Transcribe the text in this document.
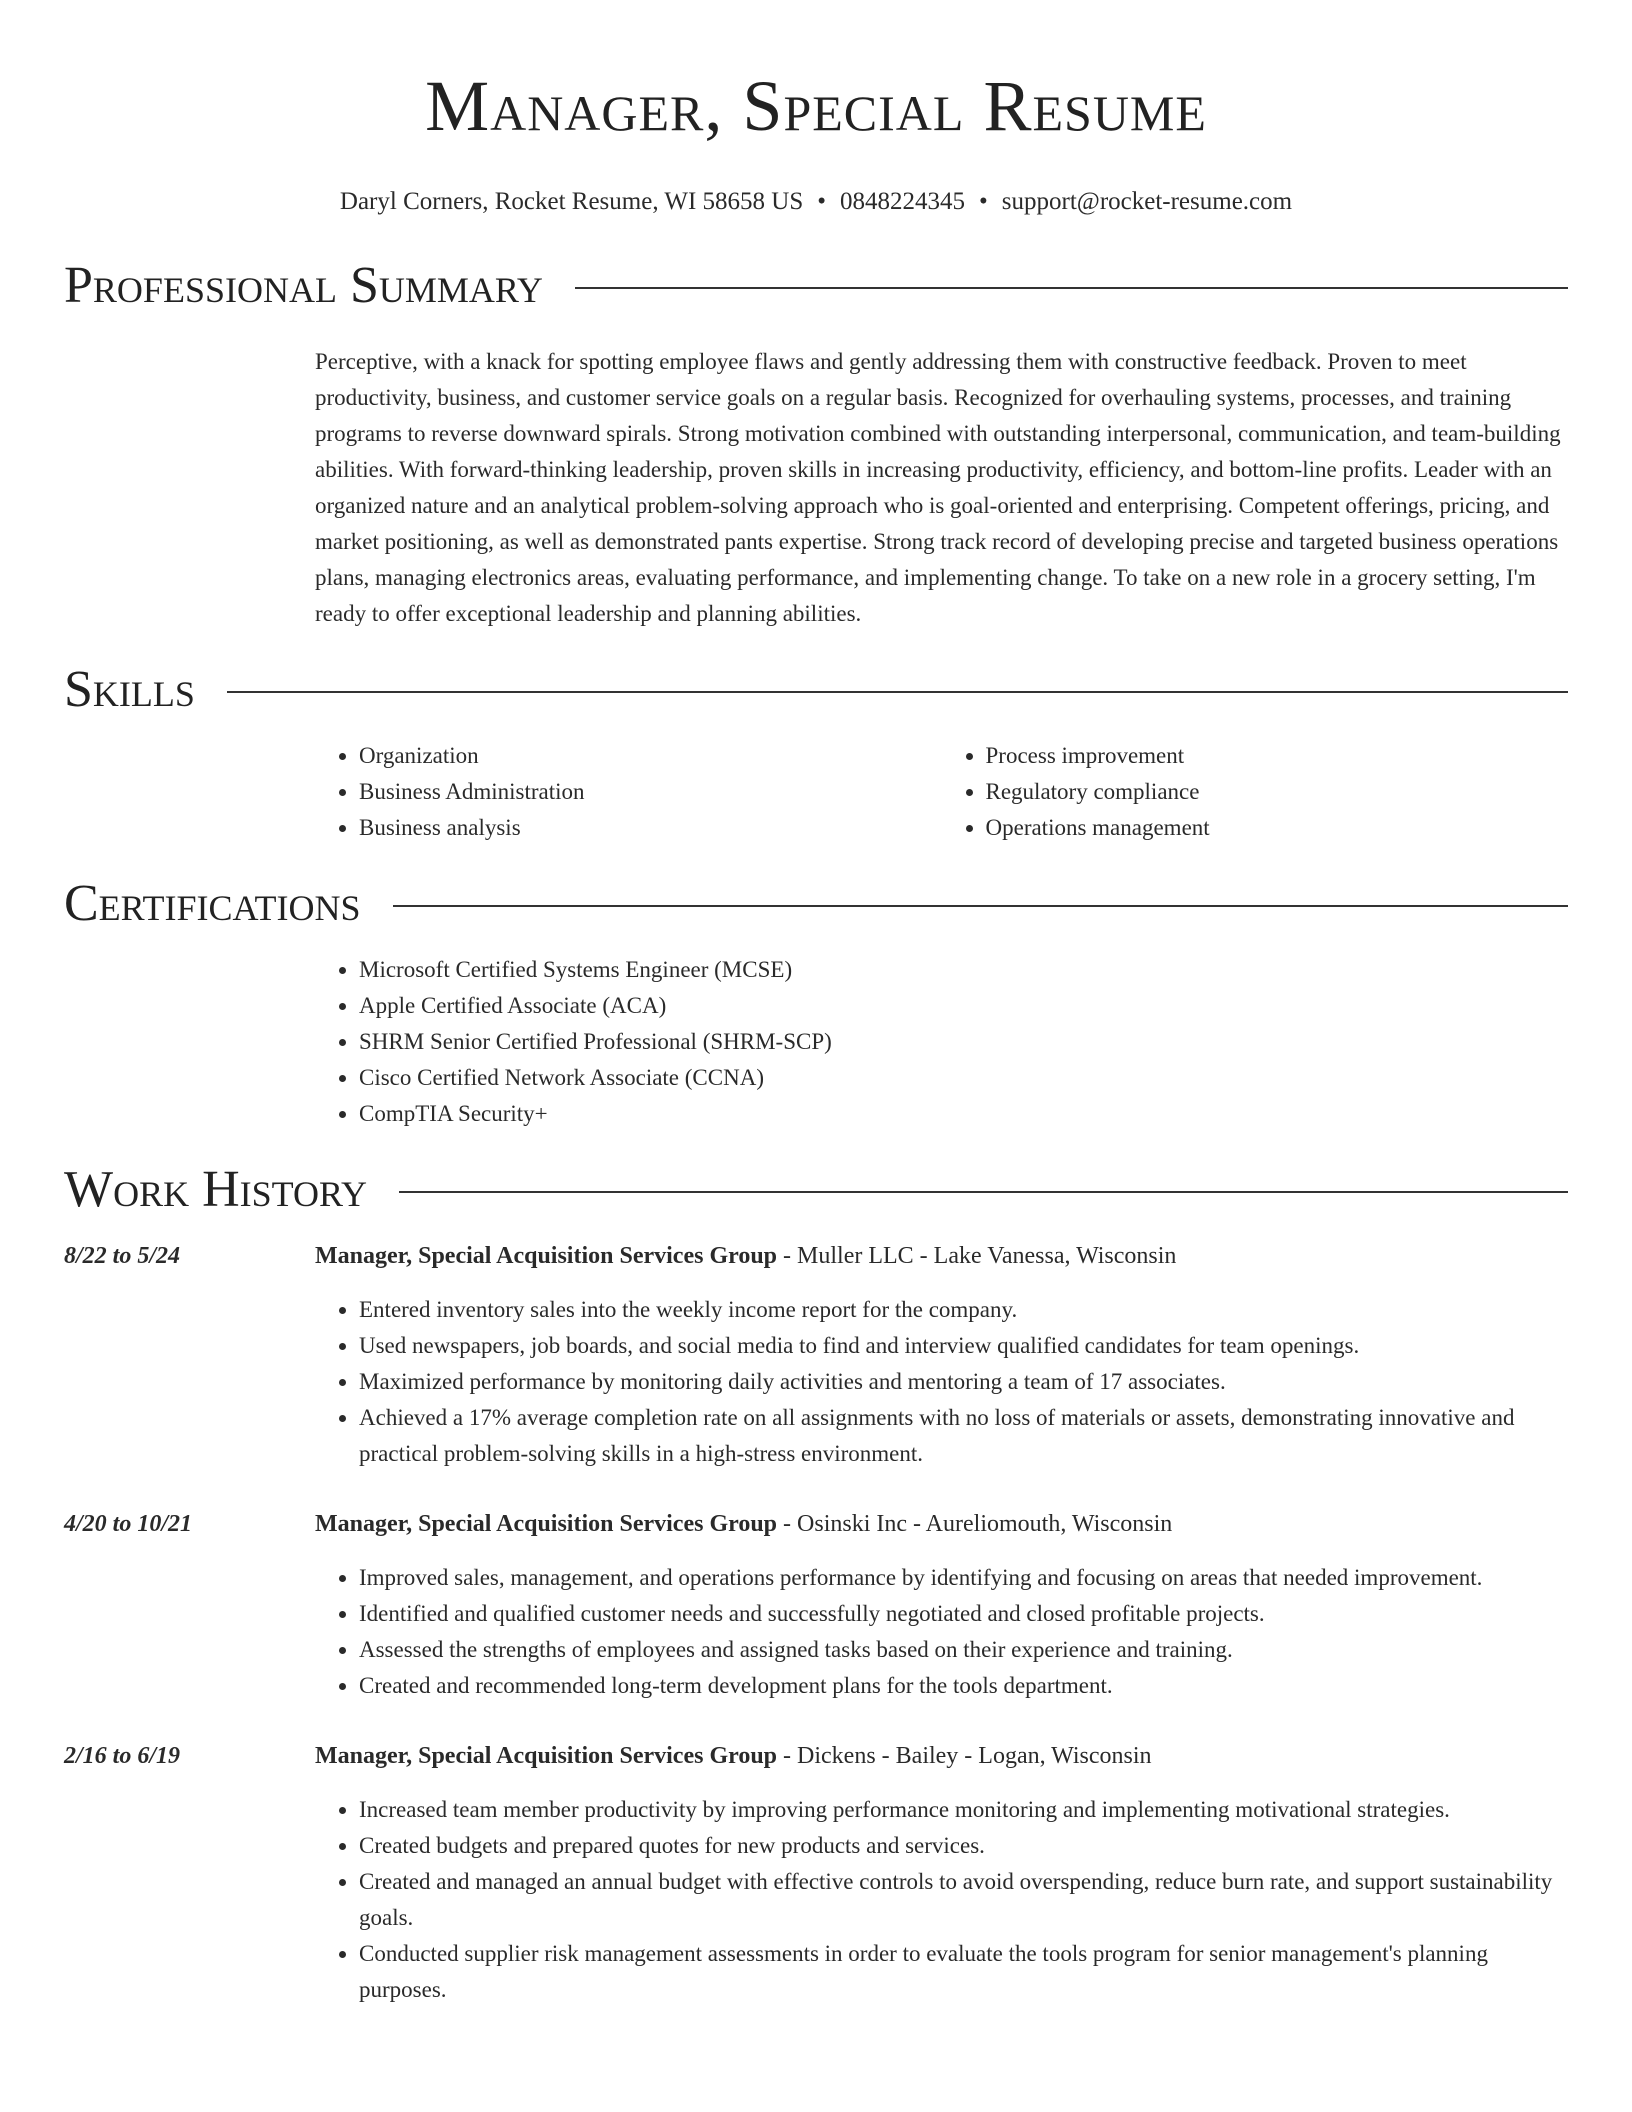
Manager, Special Resume
Daryl Corners, Rocket Resume, WI 58658 US • 0848224345 • support@rocket-resume.com
Professional Summary

Perceptive, with a knack for spotting employee flaws and gently addressing them with constructive feedback. Proven to meet productivity, business, and customer service goals on a regular basis. Recognized for overhauling systems, processes, and training programs to reverse downward spirals. Strong motivation combined with outstanding interpersonal, communication, and team-building abilities. With forward-thinking leadership, proven skills in increasing productivity, efficiency, and bottom-line profits. Leader with an organized nature and an analytical problem-solving approach who is goal-oriented and enterprising. Competent offerings, pricing, and market positioning, as well as demonstrated pants expertise. Strong track record of developing precise and targeted business operations plans, managing electronics areas, evaluating performance, and implementing change. To take on a new role in a grocery setting, I'm ready to offer exceptional leadership and planning abilities.

Skills
• Organization
• Business Administration
• Business analysis
• Process improvement
• Regulatory compliance
• Operations management
Certifications
• Microsoft Certified Systems Engineer (MCSE)
• Apple Certified Associate (ACA)
• SHRM Senior Certified Professional (SHRM-SCP)
• Cisco Certified Network Associate (CCNA)
• CompTIA Security+
Work History
8/22 to 5/24	Manager, Special Acquisition Services Group - Muller LLC - Lake Vanessa, Wisconsin
• Entered inventory sales into the weekly income report for the company.
• Used newspapers, job boards, and social media to find and interview qualified candidates for team openings.
• Maximized performance by monitoring daily activities and mentoring a team of 17 associates.
• Achieved a 17% average completion rate on all assignments with no loss of materials or assets, demonstrating innovative and practical problem-solving skills in a high-stress environment.
4/20 to 10/21	Manager, Special Acquisition Services Group - Osinski Inc - Aureliomouth, Wisconsin
• Improved sales, management, and operations performance by identifying and focusing on areas that needed improvement.
• Identified and qualified customer needs and successfully negotiated and closed profitable projects.
• Assessed the strengths of employees and assigned tasks based on their experience and training.
• Created and recommended long-term development plans for the tools department.
2/16 to 6/19	Manager, Special Acquisition Services Group - Dickens - Bailey - Logan, Wisconsin
• Increased team member productivity by improving performance monitoring and implementing motivational strategies.
• Created budgets and prepared quotes for new products and services.
• Created and managed an annual budget with effective controls to avoid overspending, reduce burn rate, and support sustainability goals.
• Conducted supplier risk management assessments in order to evaluate the tools program for senior management's planning purposes.
